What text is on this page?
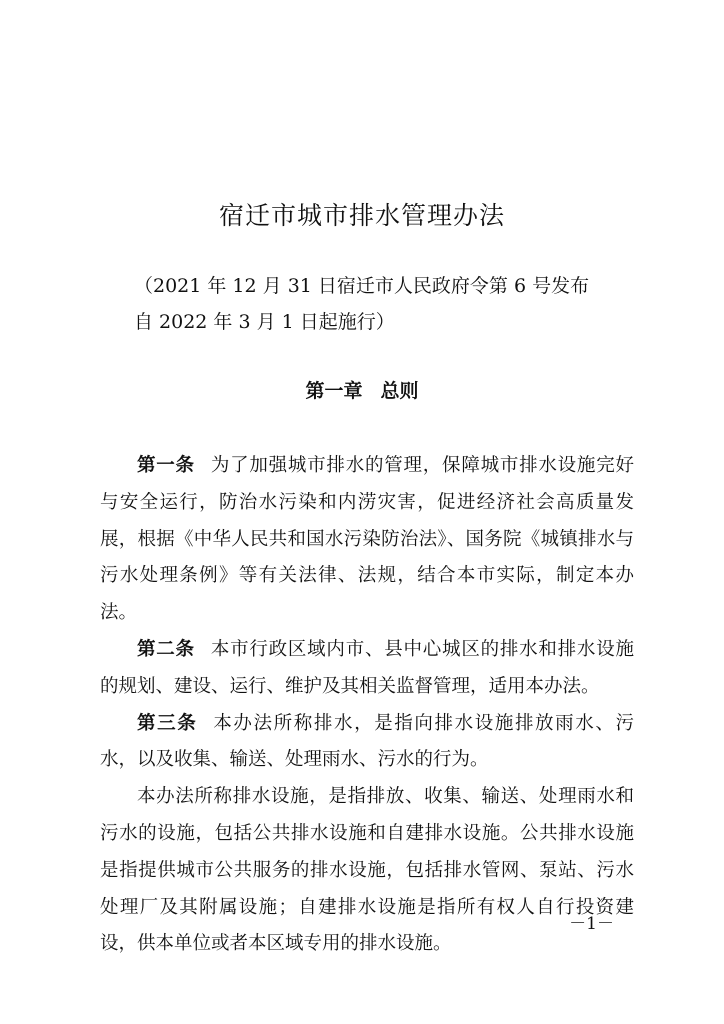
宿迁市城市排水管理办法
（2021 年 12 月 31 日宿迁市人民政府令第 6 号发布
自 2022 年 3 月 1 日起施行）
第一章 总则

第一条 为了加强城市排水的管理，保障城市排水设施完好与安全运行，防治水污染和内涝灾害，促进经济社会高质量发展，根据《中华人民共和国水污染防治法》、国务院《城镇排水与污水处理条例》等有关法律、法规，结合本市实际，制定本办法。

第二条 本市行政区域内市、县中心城区的排水和排水设施的规划、建设、运行、维护及其相关监督管理，适用本办法。

第三条 本办法所称排水，是指向排水设施排放雨水、污水，以及收集、输送、处理雨水、污水的行为。

本办法所称排水设施，是指排放、收集、输送、处理雨水和污水的设施，包括公共排水设施和自建排水设施。公共排水设施是指提供城市公共服务的排水设施，包括排水管网、泵站、污水处理厂及其附属设施；自建排水设施是指所有权人自行投资建设，供本单位或者本区域专用的排水设施。

－1－
